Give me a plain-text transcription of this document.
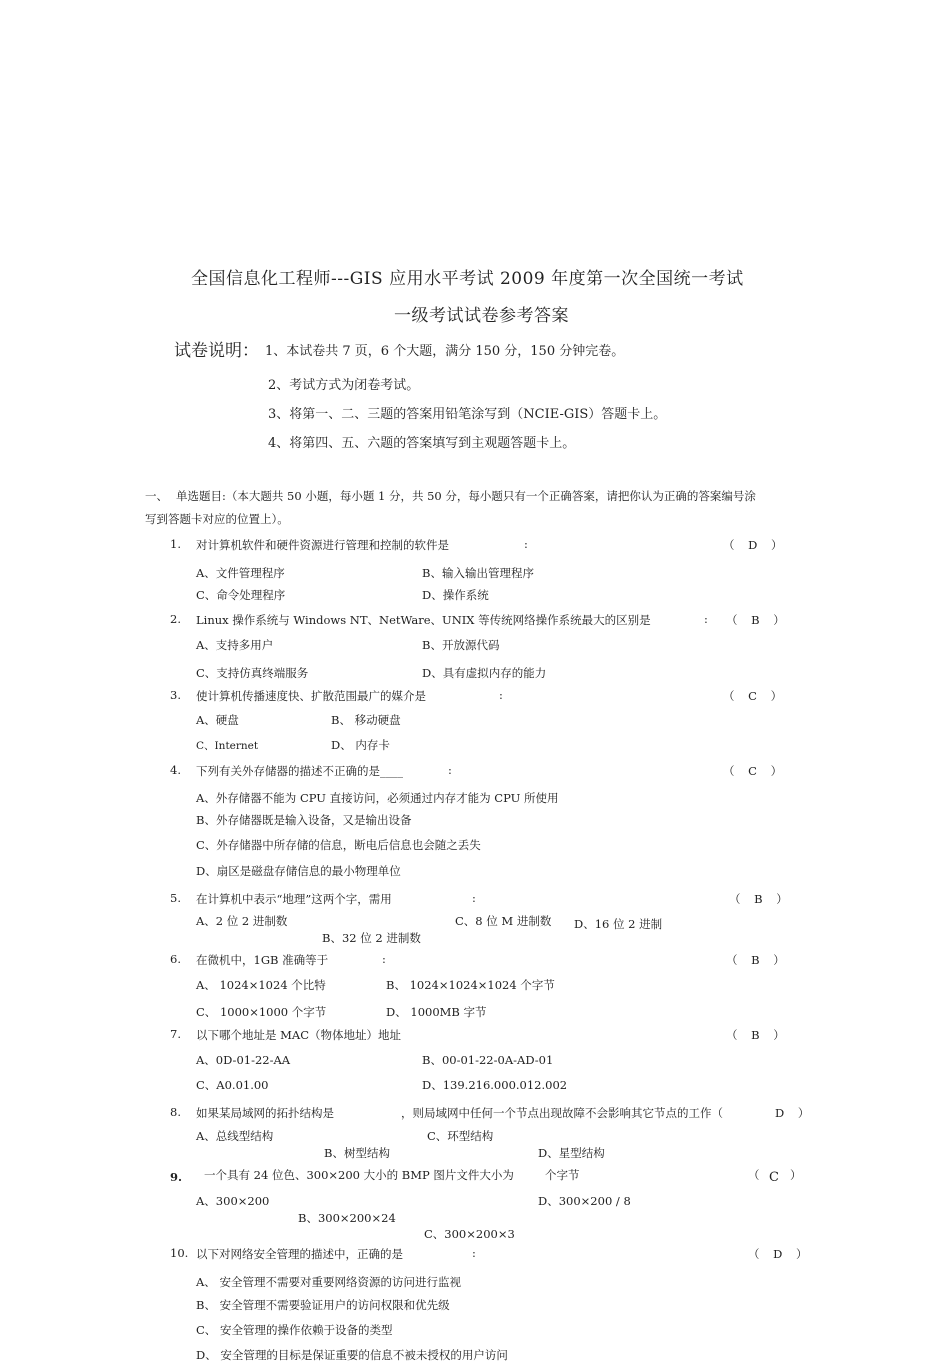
全国信息化工程师---GIS 应用水平考试 2009 年度第一次全国统一考试
一级考试试卷参考答案
试卷说明： 1、本试卷共 7 页，6 个大题，满分 150 分，150 分钟完卷。
2、考试方式为闭卷考试。
3、将第一、二、三题的答案用铅笔涂写到（NCIE-GIS）答题卡上。
4、将第四、五、六题的答案填写到主观题答题卡上。
一、 单选题目:（本大题共 50 小题，每小题 1 分，共 50 分，每小题只有一个正确答案，请把你认为正确的答案编号涂
写到答题卡对应的位置上）。
1. 对计算机软件和硬件资源进行管理和控制的软件是	:	（ D ）
A、文件管理程序	B、输入输出管理程序
C、命令处理程序	D、操作系统
2. Linux 操作系统与 Windows NT、NetWare、UNIX 等传统网络操作系统最大的区别是	: （ B ）
A、支持多用户	B、开放源代码
C、支持仿真终端服务	D、具有虚拟内存的能力
3. 使计算机传播速度快、扩散范围最广的媒介是	:	（ C ）
A、硬盘	B、 移动硬盘
C、Internet	D、 内存卡
4. 下列有关外存储器的描述不正确的是____	:	（ C ）
A、外存储器不能为 CPU 直接访问，必须通过内存才能为 CPU 所使用
B、外存储器既是输入设备，又是输出设备
C、外存储器中所存储的信息，断电后信息也会随之丢失
D、扇区是磁盘存储信息的最小物理单位
5. 在计算机中表示“地理”这两个字，需用	:	（ B ）
A、2 位 2 进制数	C、8 位 M 进制数 D、16 位 2 进制
B、32 位 2 进制数
6. 在微机中，1GB 准确等于	:	（ B ）
A、 1024×1024 个比特	B、 1024×1024×1024 个字节
C、 1000×1000 个字节	D、 1000MB 字节
7. 以下哪个地址是 MAC（物体地址）地址	（ B ）
A、0D-01-22-AA	B、00-01-22-0A-AD-01
C、A0.01.00	D、139.216.000.012.002
8. 如果某局域网的拓扑结构是	，则局域网中任何一个节点出现故障不会影响其它节点的工作（	D ）
A、总线型结构	C、环型结构
B、树型结构	D、星型结构
9. 一个具有 24 位色、300×200 大小的 BMP 图片文件大小为	个字节	（ C ）
A、300×200	D、300×200 / 8
B、300×200×24
C、300×200×3
10. 以下对网络安全管理的描述中，正确的是	:	（ D ）
A、 安全管理不需要对重要网络资源的访问进行监视
B、 安全管理不需要验证用户的访问权限和优先级
C、 安全管理的操作依赖于设备的类型
D、 安全管理的目标是保证重要的信息不被未授权的用户访问
